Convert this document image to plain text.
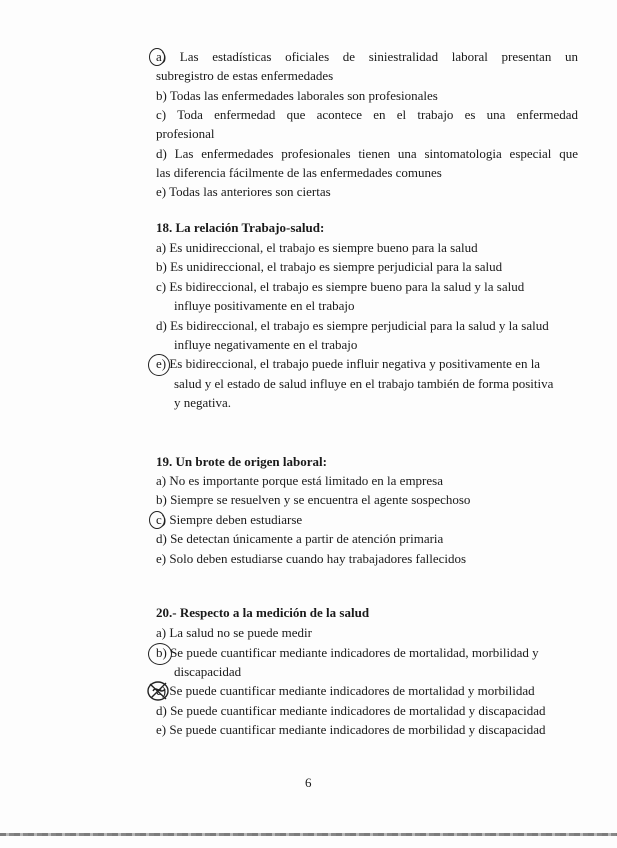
a) Las estadísticas oficiales de siniestralidad laboral presentan un
subregistro de estas enfermedades
b) Todas las enfermedades laborales son profesionales
c) Toda enfermedad que acontece en el trabajo es una enfermedad
profesional
d) Las enfermedades profesionales tienen una sintomatologia especial que
las diferencia fácilmente de las enfermedades comunes
e) Todas las anteriores son ciertas
18. La relación Trabajo-salud:
a) Es unidireccional, el trabajo es siempre bueno para la salud
b) Es unidireccional, el trabajo es siempre perjudicial para la salud
c) Es bidireccional, el trabajo es siempre bueno para la salud y la salud
influye positivamente en el trabajo
d) Es bidireccional, el trabajo es siempre perjudicial para la salud y la salud
influye negativamente en el trabajo
e) Es bidireccional, el trabajo puede influir negativa y positivamente en la
salud y el estado de salud influye en el trabajo también de forma positiva
y negativa.
19. Un brote de origen laboral:
a) No es importante porque está limitado en la empresa
b) Siempre se resuelven y se encuentra el agente sospechoso
c) Siempre deben estudiarse
d) Se detectan únicamente a partir de atención primaria
e) Solo deben estudiarse cuando hay trabajadores fallecidos
20.- Respecto a la medición de la salud
a) La salud no se puede medir
b) Se puede cuantificar mediante indicadores de mortalidad, morbilidad y
discapacidad
c) Se puede cuantificar mediante indicadores de mortalidad y morbilidad
d) Se puede cuantificar mediante indicadores de mortalidad y discapacidad
e) Se puede cuantificar mediante indicadores de morbilidad y discapacidad
6
